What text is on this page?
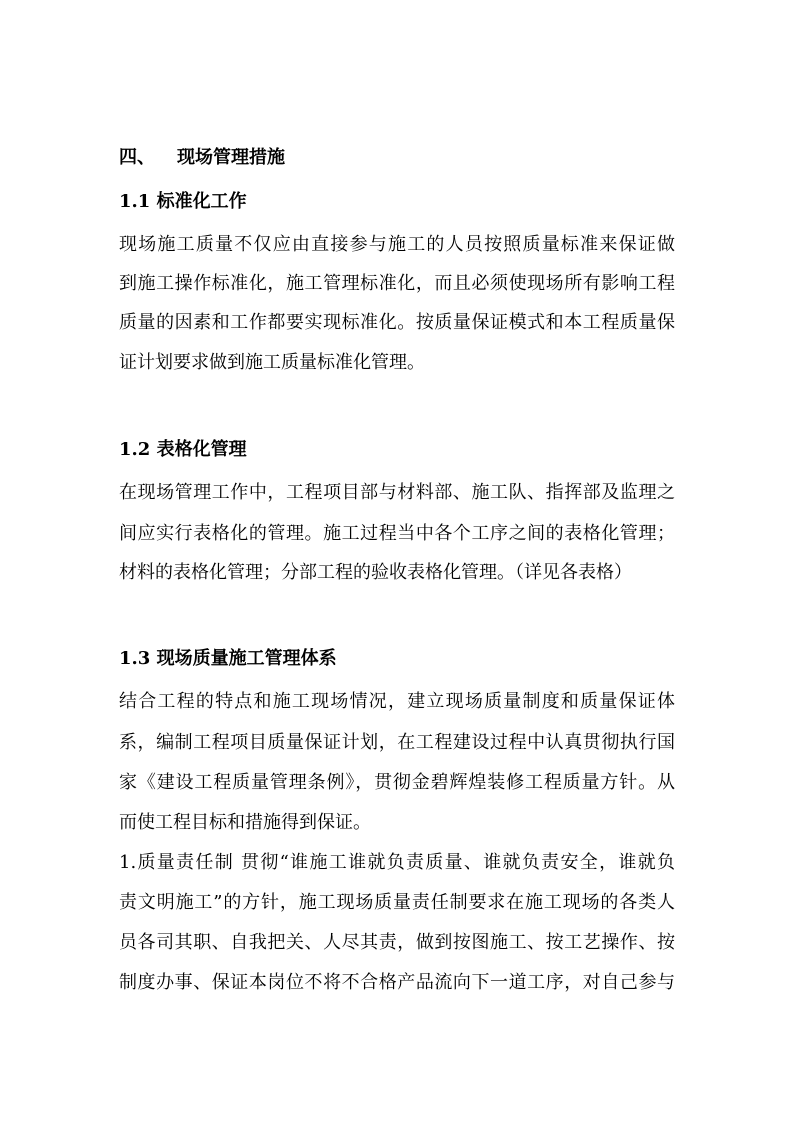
四、 现场管理措施
1.1 标准化工作
现场施工质量不仅应由直接参与施工的人员按照质量标准来保证做
到施工操作标准化，施工管理标准化，而且必须使现场所有影响工程
质量的因素和工作都要实现标准化。按质量保证模式和本工程质量保
证计划要求做到施工质量标准化管理。
1.2 表格化管理
在现场管理工作中，工程项目部与材料部、施工队、指挥部及监理之
间应实行表格化的管理。施工过程当中各个工序之间的表格化管理；
材料的表格化管理；分部工程的验收表格化管理。（详见各表格）
1.3 现场质量施工管理体系
结合工程的特点和施工现场情况，建立现场质量制度和质量保证体
系，编制工程项目质量保证计划，在工程建设过程中认真贯彻执行国
家《建设工程质量管理条例》，贯彻金碧辉煌装修工程质量方针。从
而使工程目标和措施得到保证。
1.质量责任制 贯彻“谁施工谁就负责质量、谁就负责安全，谁就负
责文明施工”的方针，施工现场质量责任制要求在施工现场的各类人
员各司其职、自我把关、人尽其责，做到按图施工、按工艺操作、按
制度办事、保证本岗位不将不合格产品流向下一道工序，对自己参与
